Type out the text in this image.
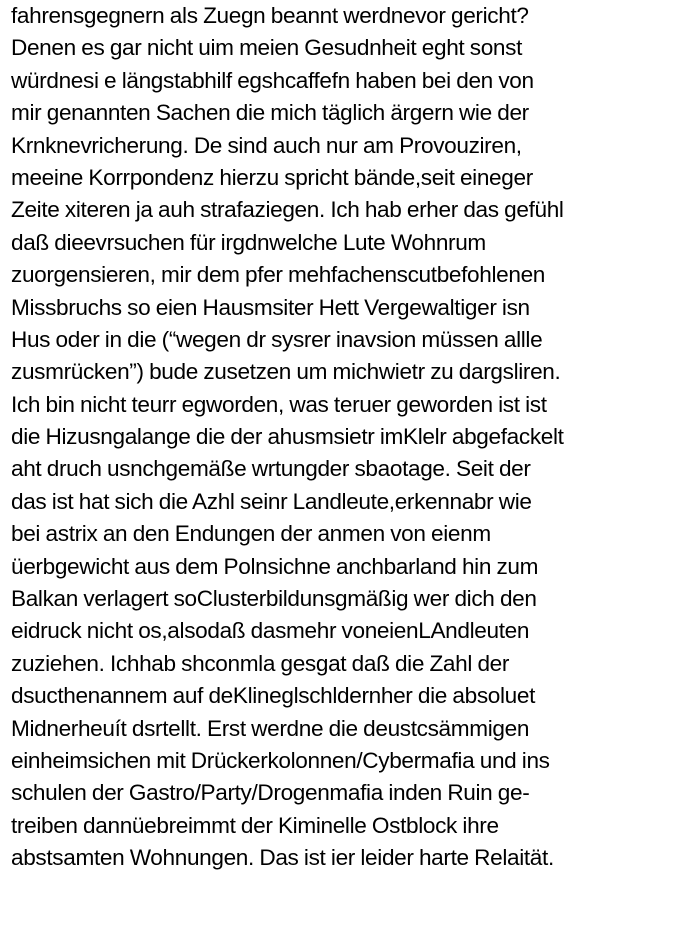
fahrensgegnern als Zuegn beannt werdnevor gericht?
Denen es gar nicht uim meien Gesudnheit eght sonst
würdnesi e längstabhilf egshcaffefn haben bei den von
mir genannten Sachen die mich täglich ärgern wie der
Krnknevricherung. De sind auch nur am Provouziren,
meeine Korrpondenz hierzu spricht bände,seit eineger
Zeite xiteren ja auh strafaziegen. Ich hab erher das gefühl
daß dieevrsuchen für irgdnwelche Lute Wohnrum
zuorgensieren, mir dem pfer mehfachenscutbefohlenen
Missbruchs so eien Hausmsiter Hett Vergewaltiger isn
Hus oder in die (“wegen dr sysrer inavsion müssen allle
zusmrücken”) bude zusetzen um michwietr zu dargsliren.
Ich bin nicht teurr egworden, was teruer geworden ist ist
die Hizusngalange die der ahusmsietr imKlelr abgefackelt
aht druch usnchgemäße wrtungder sbaotage. Seit der
das ist hat sich die Azhl seinr Landleute,erkennabr wie
bei astrix an den Endungen der anmen von eienm
üerbgewicht aus dem Polnsichne anchbarland hin zum
Balkan verlagert soClusterbildunsgmäßig wer dich den
eidruck nicht os,alsodaß dasmehr voneienLAndleuten
zuziehen. Ichhab shconmla gesgat daß die Zahl der
dsucthenannem auf deKlineglschldernher die absoluet
Midnerheuít dsrtellt. Erst werdne die deustcsämmigen
einheimsichen mit Drückerkolonnen/Cybermafia und ins
schulen der Gastro/Party/Drogenmafia inden Ruin ge-
treiben dannüebreimmt der Kiminelle Ostblock ihre
abstsamten Wohnungen. Das ist ier leider harte Relaität.
